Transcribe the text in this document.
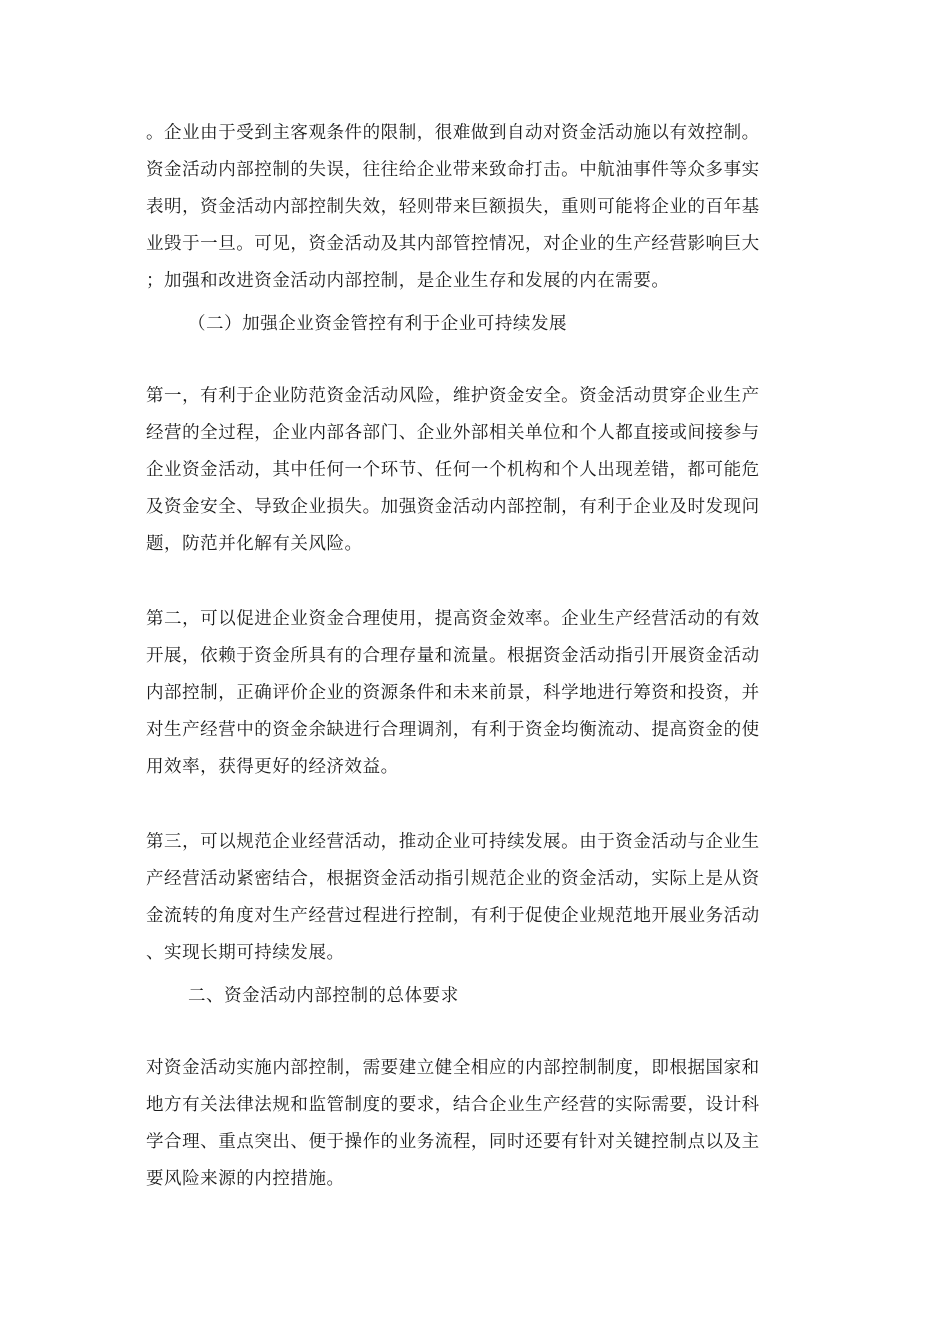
。企业由于受到主客观条件的限制，很难做到自动对资金活动施以有效控制。
资金活动内部控制的失误，往往给企业带来致命打击。中航油事件等众多事实
表明，资金活动内部控制失效，轻则带来巨额损失，重则可能将企业的百年基
业毁于一旦。可见，资金活动及其内部管控情况，对企业的生产经营影响巨大
；加强和改进资金活动内部控制，是企业生存和发展的内在需要。
（二）加强企业资金管控有利于企业可持续发展
第一，有利于企业防范资金活动风险，维护资金安全。资金活动贯穿企业生产
经营的全过程，企业内部各部门、企业外部相关单位和个人都直接或间接参与
企业资金活动，其中任何一个环节、任何一个机构和个人出现差错，都可能危
及资金安全、导致企业损失。加强资金活动内部控制，有利于企业及时发现问
题，防范并化解有关风险。
第二，可以促进企业资金合理使用，提高资金效率。企业生产经营活动的有效
开展，依赖于资金所具有的合理存量和流量。根据资金活动指引开展资金活动
内部控制，正确评价企业的资源条件和未来前景，科学地进行筹资和投资，并
对生产经营中的资金余缺进行合理调剂，有利于资金均衡流动、提高资金的使
用效率，获得更好的经济效益。
第三，可以规范企业经营活动，推动企业可持续发展。由于资金活动与企业生
产经营活动紧密结合，根据资金活动指引规范企业的资金活动，实际上是从资
金流转的角度对生产经营过程进行控制，有利于促使企业规范地开展业务活动
、实现长期可持续发展。
二、资金活动内部控制的总体要求
对资金活动实施内部控制，需要建立健全相应的内部控制制度，即根据国家和
地方有关法律法规和监管制度的要求，结合企业生产经营的实际需要，设计科
学合理、重点突出、便于操作的业务流程，同时还要有针对关键控制点以及主
要风险来源的内控措施。
